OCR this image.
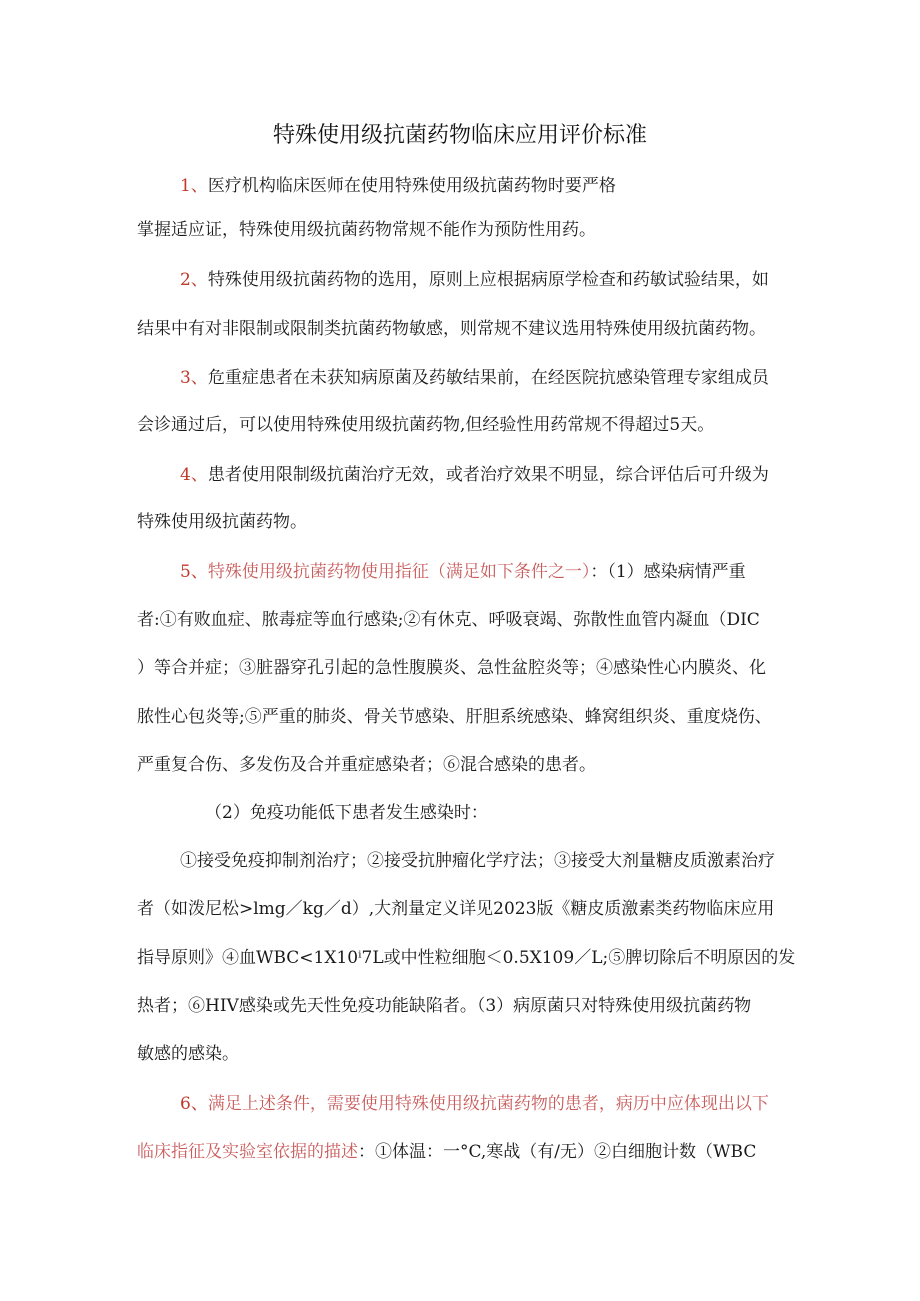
特殊使用级抗菌药物临床应用评价标准
1、医疗机构临床医师在使用特殊使用级抗菌药物时要严格
掌握适应证，特殊使用级抗菌药物常规不能作为预防性用药。
2、特殊使用级抗菌药物的选用，原则上应根据病原学检查和药敏试验结果，如
结果中有对非限制或限制类抗菌药物敏感，则常规不建议选用特殊使用级抗菌药物。
3、危重症患者在未获知病原菌及药敏结果前，在经医院抗感染管理专家组成员
会诊通过后，可以使用特殊使用级抗菌药物,但经验性用药常规不得超过5天。
4、患者使用限制级抗菌治疗无效，或者治疗效果不明显，综合评估后可升级为
特殊使用级抗菌药物。
5、特殊使用级抗菌药物使用指征（满足如下条件之一）：（1）感染病情严重
者:①有败血症、脓毒症等血行感染;②有休克、呼吸衰竭、弥散性血管内凝血（DIC
）等合并症；③脏器穿孔引起的急性腹膜炎、急性盆腔炎等；④感染性心内膜炎、化
脓性心包炎等;⑤严重的肺炎、骨关节感染、肝胆系统感染、蜂窝组织炎、重度烧伤、
严重复合伤、多发伤及合并重症感染者；⑥混合感染的患者。
（2）免疫功能低下患者发生感染时：
①接受免疫抑制剂治疗；②接受抗肿瘤化学疗法；③接受大剂量糖皮质激素治疗
者（如泼尼松>lmg／kg／d）,大剂量定义详见2023版《糖皮质激素类药物临床应用
指导原则》④血WBC<1X10ⁱ7L或中性粒细胞＜0.5X109／L;⑤脾切除后不明原因的发
热者；⑥HIV感染或先天性免疫功能缺陷者。（3）病原菌只对特殊使用级抗菌药物
敏感的感染。
6、满足上述条件，需要使用特殊使用级抗菌药物的患者，病历中应体现出以下
临床指征及实验室依据的描述：①体温：一°C,寒战（有/无）②白细胞计数（WBC
